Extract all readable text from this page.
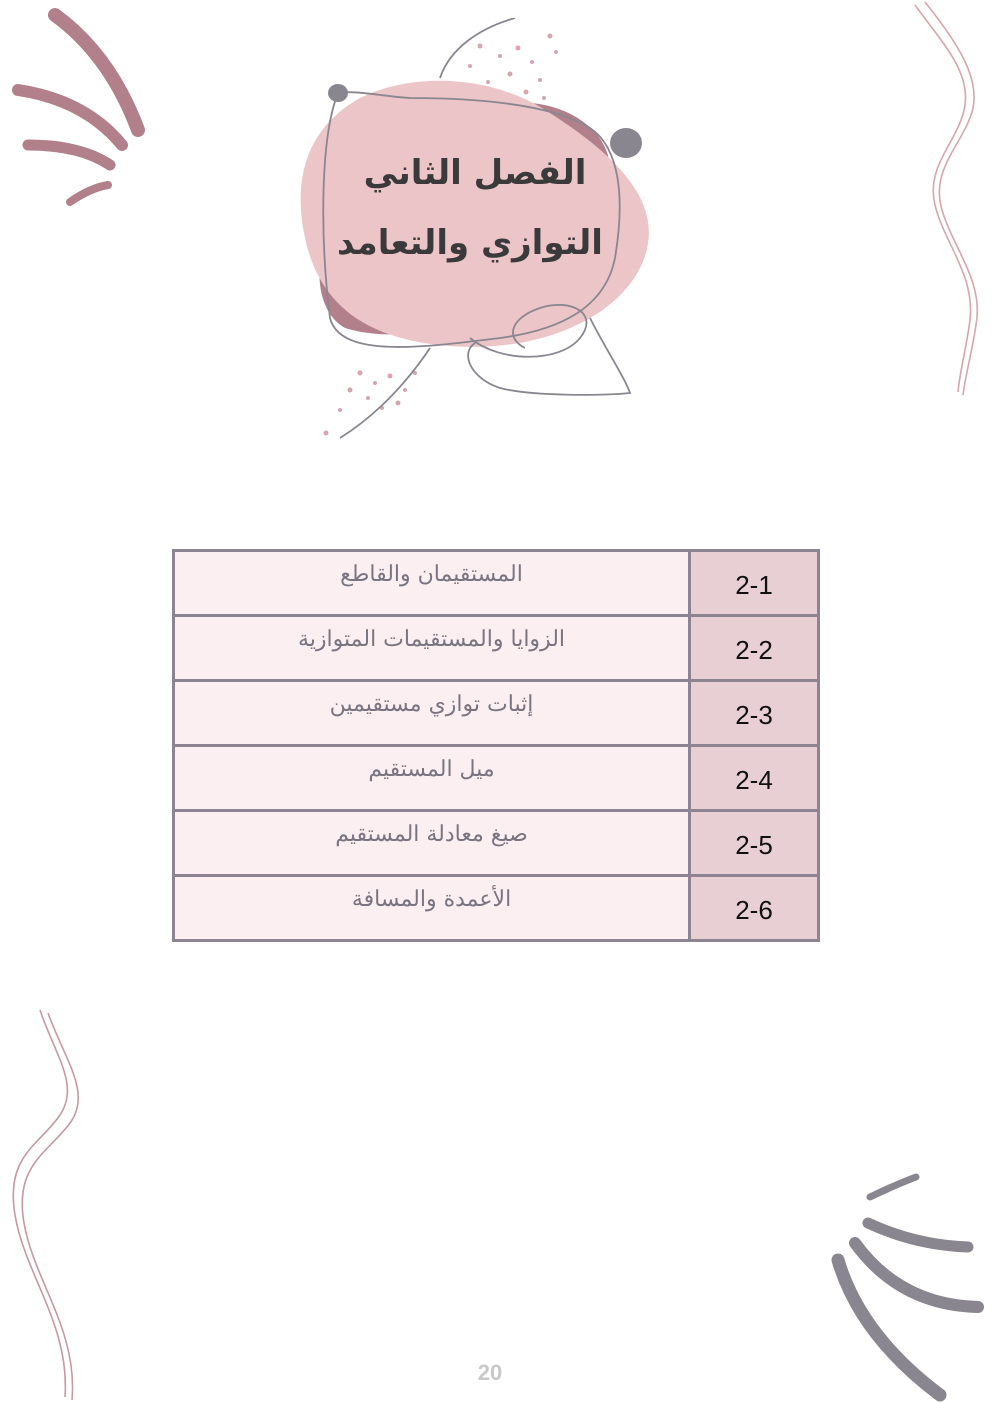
الفصل الثاني
التوازي والتعامد
المستقيمان والقاطع	2-1
الزوايا والمستقيمات المتوازية	2-2
إثبات توازي مستقيمين	2-3
ميل المستقيم	2-4
صيغ معادلة المستقيم	2-5
الأعمدة والمسافة	2-6
20
